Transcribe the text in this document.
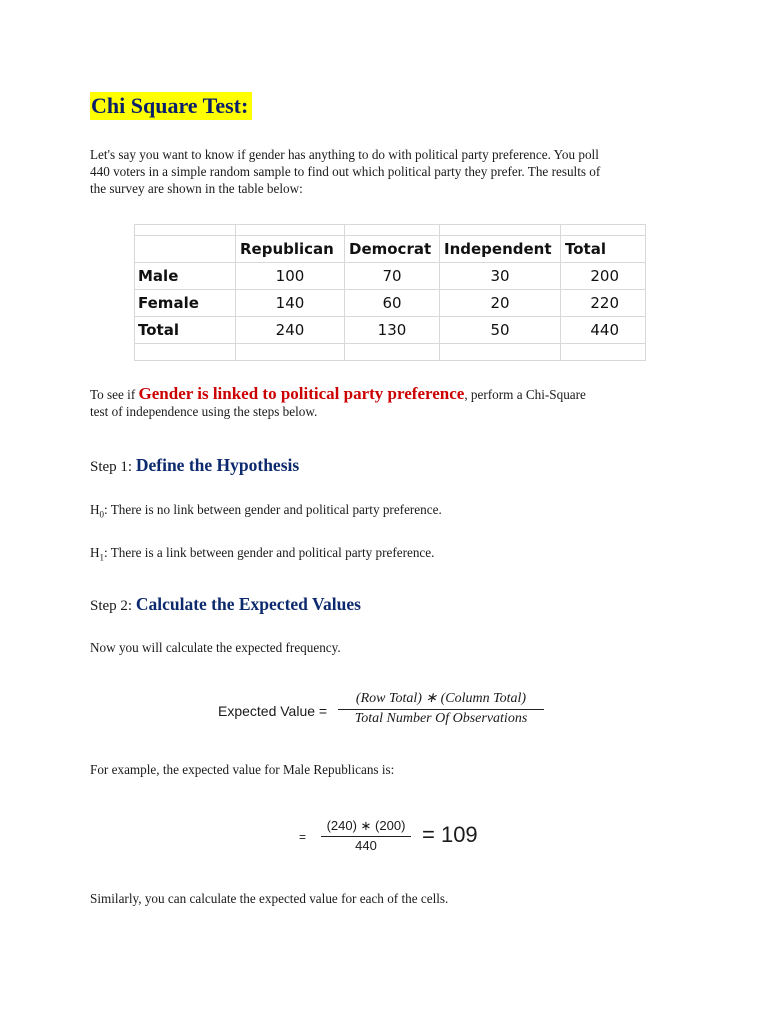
Chi Square Test:
Let's say you want to know if gender has anything to do with political party preference. You poll
440 voters in a simple random sample to find out which political party they prefer. The results of
the survey are shown in the table below:

	Republican	Democrat	Independent	Total
Male	100	70	30	200
Female	140	60	20	220
Total	240	130	50	440

To see if Gender is linked to political party preference, perform a Chi-Square
test of independence using the steps below.
Step 1: Define the Hypothesis
$H_0$: There is no link between gender and political party preference.
$H_1$: There is a link between gender and political party preference.
Step 2: Calculate the Expected Values
Now you will calculate the expected frequency.
Expected Value =
(Row Total) ∗ (Column Total)
Total Number Of Observations
For example, the expected value for Male Republicans is:
=
(240) ∗ (200)
440	= 109
Similarly, you can calculate the expected value for each of the cells.
